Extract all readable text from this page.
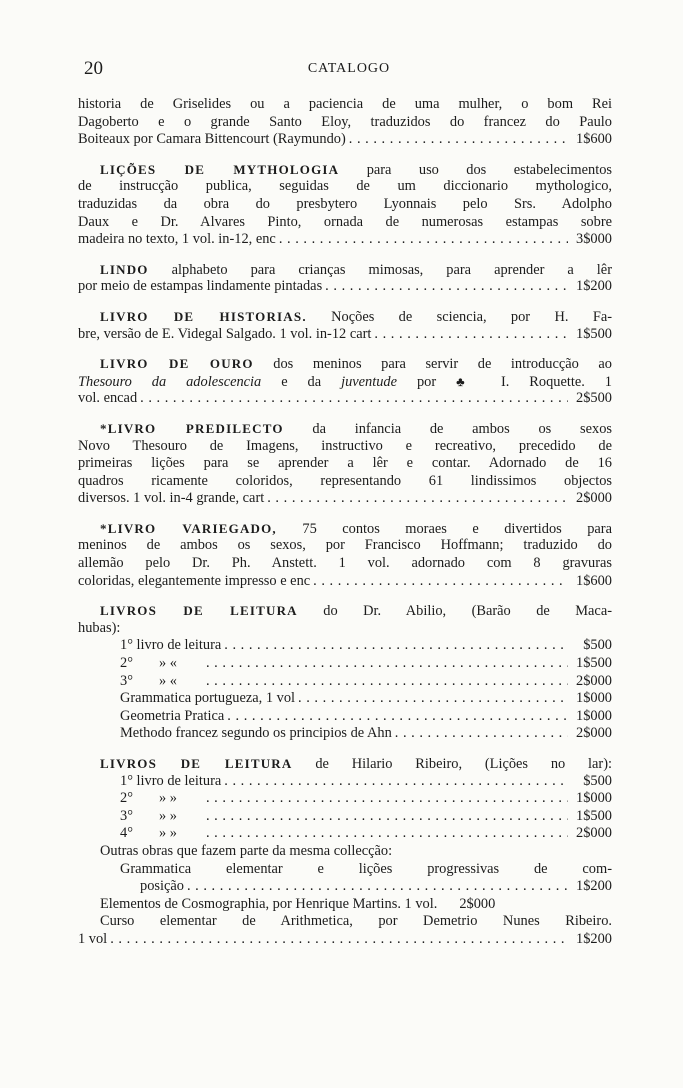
20	CATALOGO
historia de Griselides ou a paciencia de uma mulher, o bom Rei
Dagoberto e o grande Santo Eloy, traduzidos do francez do Paulo
Boiteaux por Camara Bittencourt (Raymundo) . . .	1$600
LIÇÕES DE MYTHOLOGIA para uso dos estabelecimentos
de instrucção publica, seguidas de um diccionario mythologico,
traduzidas da obra do presbytero Lyonnais pelo Srs. Adolpho
Daux e Dr. Alvares Pinto, ornada de numerosas estampas sobre
madeira no texto, 1 vol. in-12, enc . . .	3$000
LINDO alphabeto para crianças mimosas, para aprender a lêr
por meio de estampas lindamente pintadas . . .	1$200
LIVRO DE HISTORIAS. Noções de sciencia, por H. Fa-
bre, versão de E. Videgal Salgado. 1 vol. in-12 cart . . .	1$500
LIVRO DE OURO dos meninos para servir de introducção ao
Thesouro da adolescencia e da juventude por ♣ I. Roquette. 1
vol. encad . . .	2$500
*LIVRO PREDILECTO da infancia de ambos os sexos
Novo Thesouro de Imagens, instructivo e recreativo, precedido de
primeiras lições para se aprender a lêr e contar. Adornado de 16
quadros ricamente coloridos, representando 61 lindissimos objectos
diversos. 1 vol. in-4 grande, cart . . .	2$000
*LIVRO VARIEGADO, 75 contos moraes e divertidos para
meninos de ambos os sexos, por Francisco Hoffmann; traduzido do
allemão pelo Dr. Ph. Anstett. 1 vol. adornado com 8 gravuras
coloridas, elegantemente impresso e enc . . .	1$600
LIVROS DE LEITURA do Dr. Abilio, (Barão de Maca-
hubas):
1° livro de leitura . . .	$500
2°	» « . . .	1$500
3°	» « . . .	2$000
Grammatica portugueza, 1 vol . . .	1$000
Geometria Pratica . . .	1$000
Methodo francez segundo os principios de Ahn . . .	2$000
LIVROS DE LEITURA de Hilario Ribeiro, (Lições no lar):
1° livro de leitura . . .	$500
2°	» » . . .	1$000
3°	» » . . .	1$500
4°	» » . . .	2$000
Outras obras que fazem parte da mesma collecção:
Grammatica elementar e lições progressivas de com-
posição . . .	1$200
Elementos de Cosmographia, por Henrique Martins. 1 vol.	2$000
Curso elementar de Arithmetica, por Demetrio Nunes Ribeiro.
1 vol . . .	1$200
